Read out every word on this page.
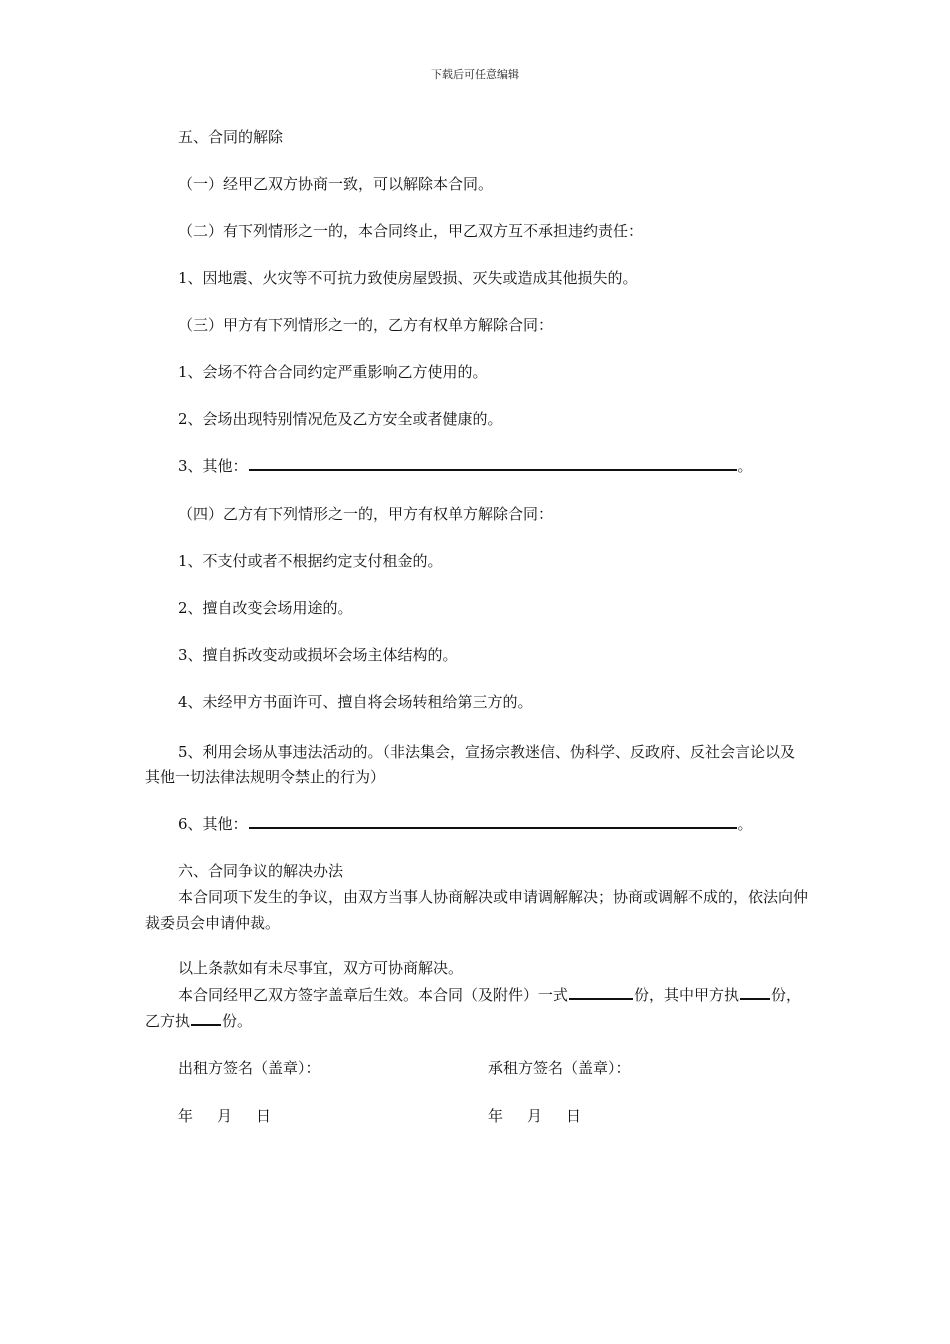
下载后可任意编辑
五、合同的解除
（一）经甲乙双方协商一致，可以解除本合同。
（二）有下列情形之一的，本合同终止，甲乙双方互不承担违约责任：
1、因地震、火灾等不可抗力致使房屋毁损、灭失或造成其他损失的。
（三）甲方有下列情形之一的，乙方有权单方解除合同：
1、会场不符合合同约定严重影响乙方使用的。
2、会场出现特别情况危及乙方安全或者健康的。
3、其他：	。
（四）乙方有下列情形之一的，甲方有权单方解除合同：
1、不支付或者不根据约定支付租金的。
2、擅自改变会场用途的。
3、擅自拆改变动或损坏会场主体结构的。
4、未经甲方书面许可、擅自将会场转租给第三方的。
5、利用会场从事违法活动的。（非法集会，宣扬宗教迷信、伪科学、反政府、反社会言论以及其他一切法律法规明令禁止的行为）
6、其他：	。
六、合同争议的解决办法
本合同项下发生的争议，由双方当事人协商解决或申请调解解决；协商或调解不成的，依法向仲裁委员会申请仲裁。
以上条款如有未尽事宜，双方可协商解决。
本合同经甲乙双方签字盖章后生效。本合同（及附件）一式	份，其中甲方执 份，乙方执 份。
出租方签名（盖章）：	承租方签名（盖章）：
年 月 日	年 月 日
